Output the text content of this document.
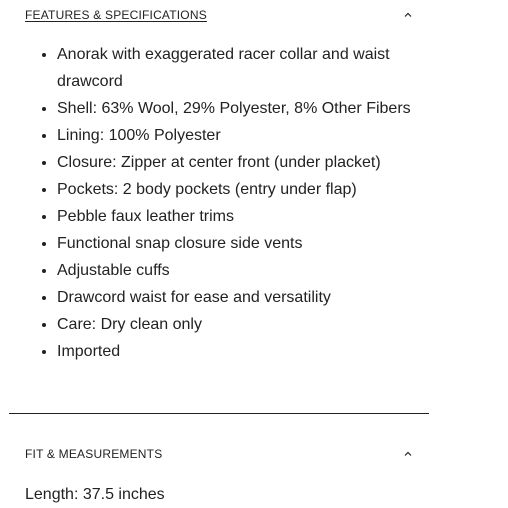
FEATURES & SPECIFICATIONS
• Anorak with exaggerated racer collar and waist drawcord
• Shell: 63% Wool, 29% Polyester, 8% Other Fibers
• Lining: 100% Polyester
• Closure: Zipper at center front (under placket)
• Pockets: 2 body pockets (entry under flap)
• Pebble faux leather trims
• Functional snap closure side vents
• Adjustable cuffs
• Drawcord waist for ease and versatility
• Care: Dry clean only
• Imported
FIT & MEASUREMENTS
Length: 37.5 inches
